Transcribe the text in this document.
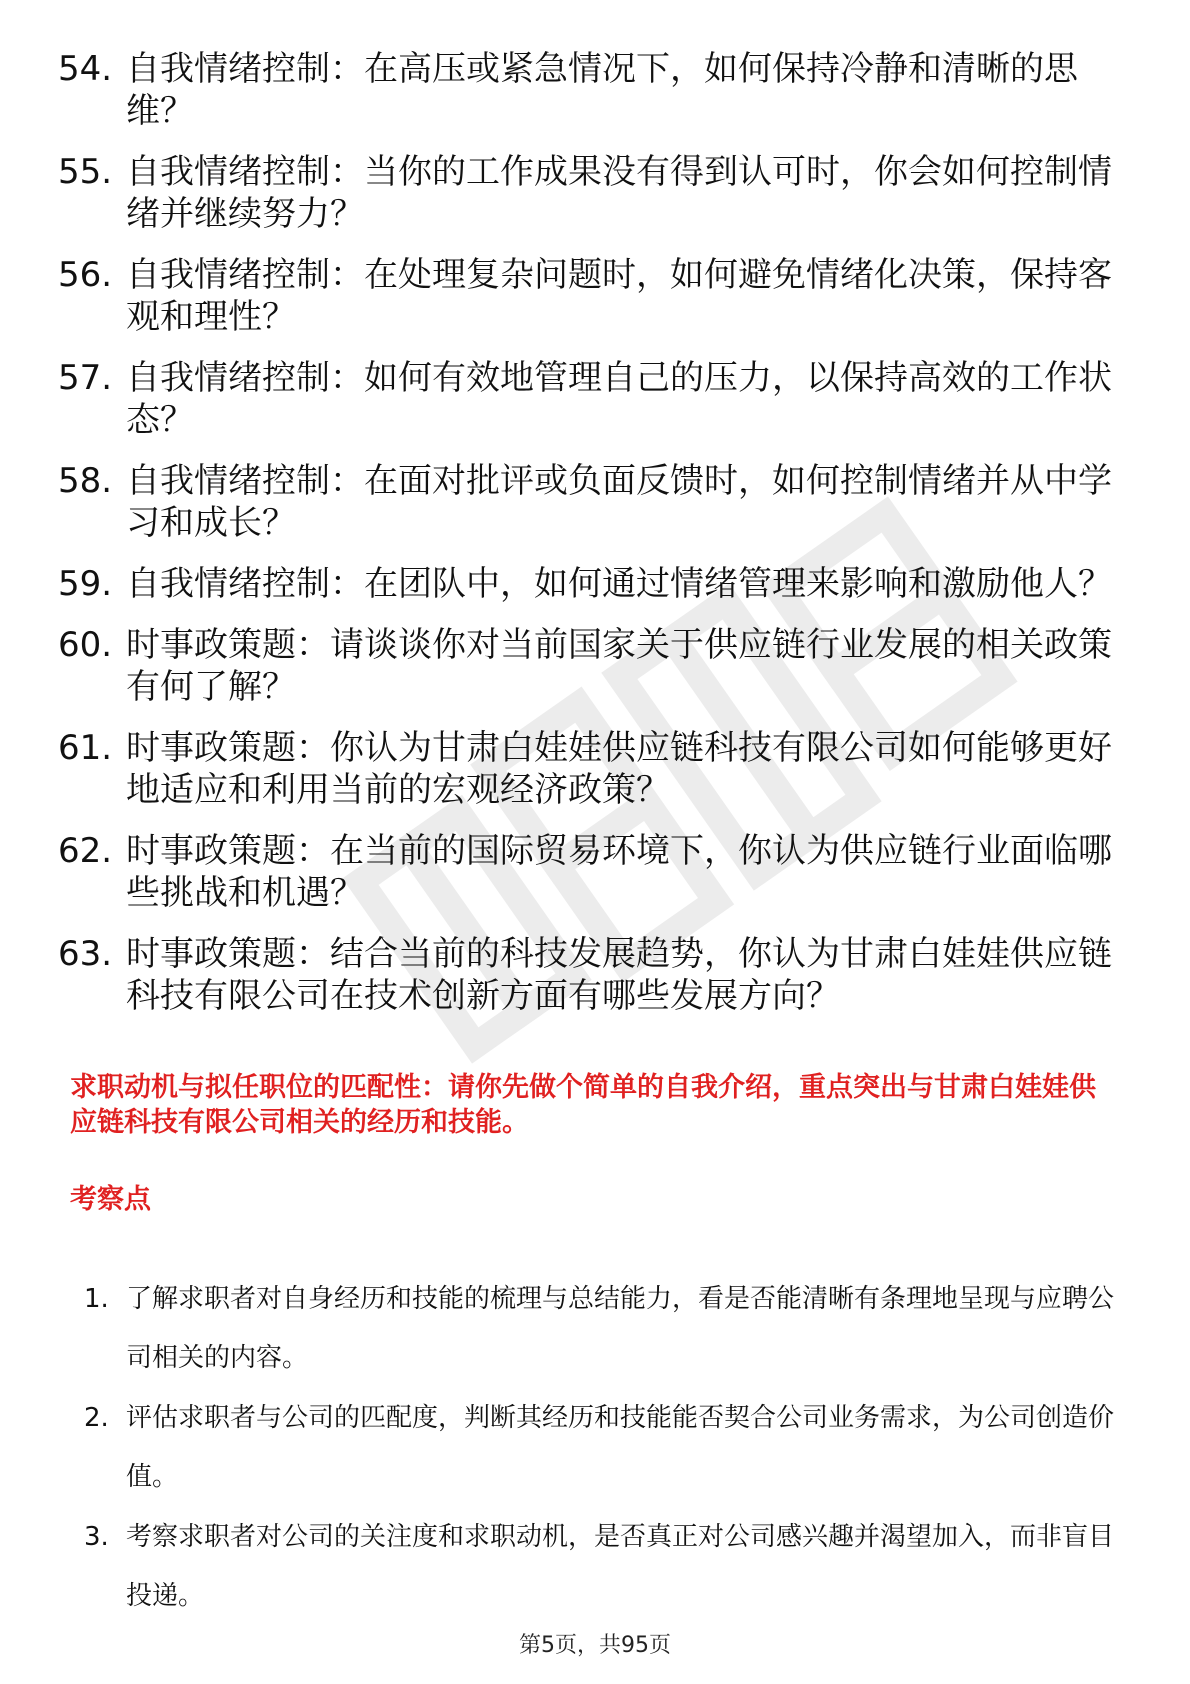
54. 自我情绪控制：在高压或紧急情况下，如何保持冷静和清晰的思维？
55. 自我情绪控制：当你的工作成果没有得到认可时，你会如何控制情绪并继续努力？
56. 自我情绪控制：在处理复杂问题时，如何避免情绪化决策，保持客观和理性？
57. 自我情绪控制：如何有效地管理自己的压力，以保持高效的工作状态？
58. 自我情绪控制：在面对批评或负面反馈时，如何控制情绪并从中学习和成长？
59. 自我情绪控制：在团队中，如何通过情绪管理来影响和激励他人？
60. 时事政策题：请谈谈你对当前国家关于供应链行业发展的相关政策有何了解？
61. 时事政策题：你认为甘肃白娃娃供应链科技有限公司如何能够更好地适应和利用当前的宏观经济政策？
62. 时事政策题：在当前的国际贸易环境下，你认为供应链行业面临哪些挑战和机遇？
63. 时事政策题：结合当前的科技发展趋势，你认为甘肃白娃娃供应链科技有限公司在技术创新方面有哪些发展方向？
求职动机与拟任职位的匹配性：请你先做个简单的自我介绍，重点突出与甘肃白娃娃供应链科技有限公司相关的经历和技能。
考察点
1. 了解求职者对自身经历和技能的梳理与总结能力，看是否能清晰有条理地呈现与应聘公司相关的内容。
2. 评估求职者与公司的匹配度，判断其经历和技能能否契合公司业务需求，为公司创造价值。
3. 考察求职者对公司的关注度和求职动机，是否真正对公司感兴趣并渴望加入，而非盲目投递。
第5页，共95页
